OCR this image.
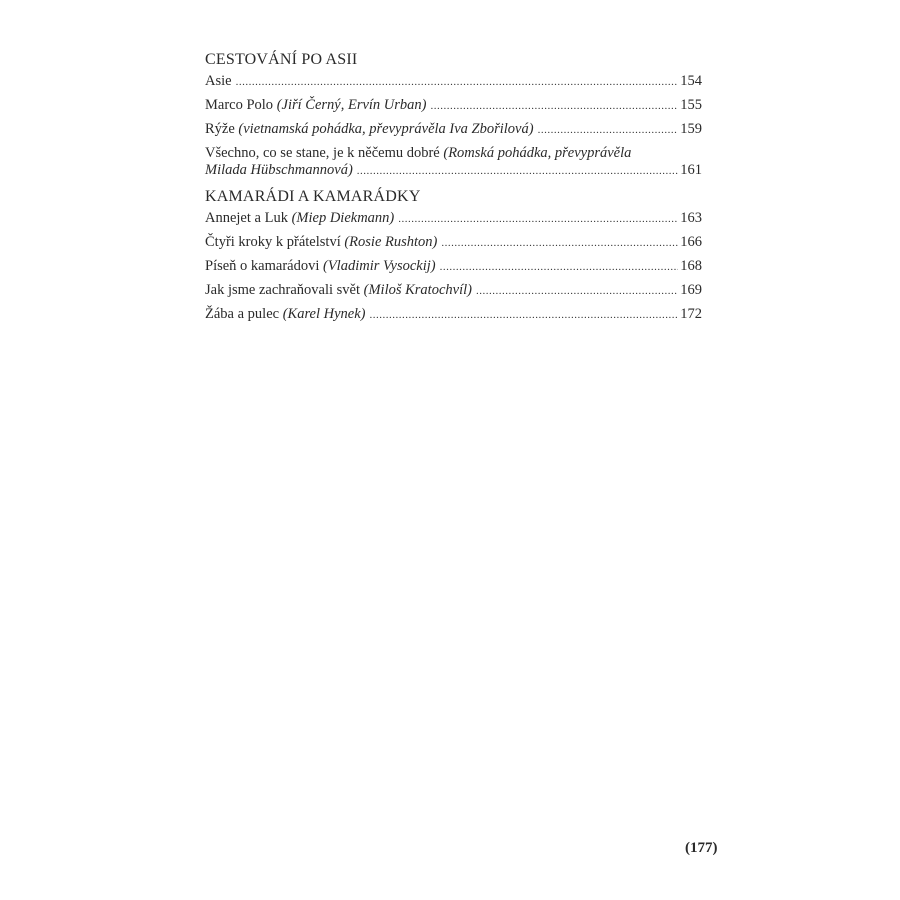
CESTOVÁNÍ PO ASII
Asie .....	154
Marco Polo (Jiří Černý, Ervín Urban) .....	155
Rýže (vietnamská pohádka, převyprávěla Iva Zbořilová) .....	159
Všechno, co se stane, je k něčemu dobré (Romská pohádka, převyprávěla
Milada Hübschmannová) .....	161
KAMARÁDI A KAMARÁDKY
Annejet a Luk (Miep Diekmann) .....	163
Čtyři kroky k přátelství (Rosie Rushton) .....	166
Píseň o kamarádovi (Vladimir Vysockij) .....	168
Jak jsme zachraňovali svět (Miloš Kratochvíl) .....	169
Žába a pulec (Karel Hynek) .....	172
(177)
